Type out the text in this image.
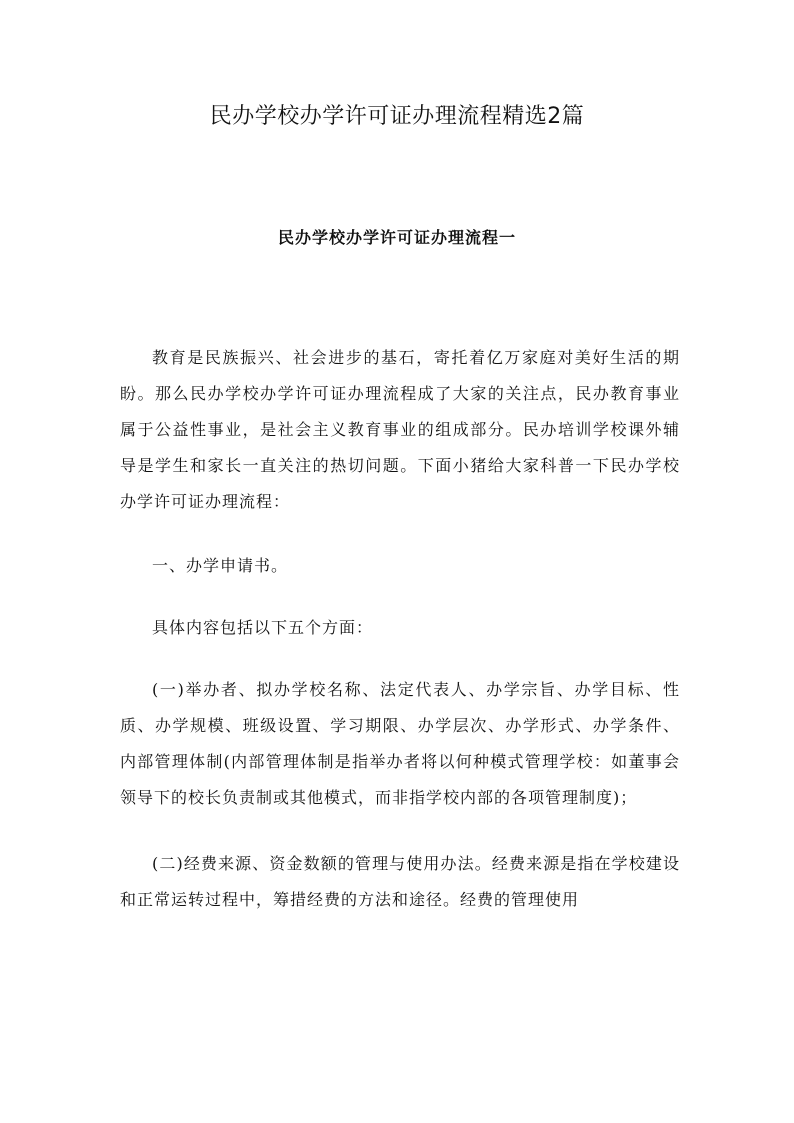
民办学校办学许可证办理流程精选2篇
民办学校办学许可证办理流程一

教育是民族振兴、社会进步的基石，寄托着亿万家庭对美好生活的期盼。那么民办学校办学许可证办理流程成了大家的关注点，民办教育事业属于公益性事业，是社会主义教育事业的组成部分。民办培训学校课外辅导是学生和家长一直关注的热切问题。下面小猪给大家科普一下民办学校办学许可证办理流程：

一、办学申请书。

具体内容包括以下五个方面：

(一)举办者、拟办学校名称、法定代表人、办学宗旨、办学目标、性质、办学规模、班级设置、学习期限、办学层次、办学形式、办学条件、内部管理体制(内部管理体制是指举办者将以何种模式管理学校：如董事会领导下的校长负责制或其他模式，而非指学校内部的各项管理制度)；

(二)经费来源、资金数额的管理与使用办法。经费来源是指在学校建设和正常运转过程中，筹措经费的方法和途径。经费的管理使用
